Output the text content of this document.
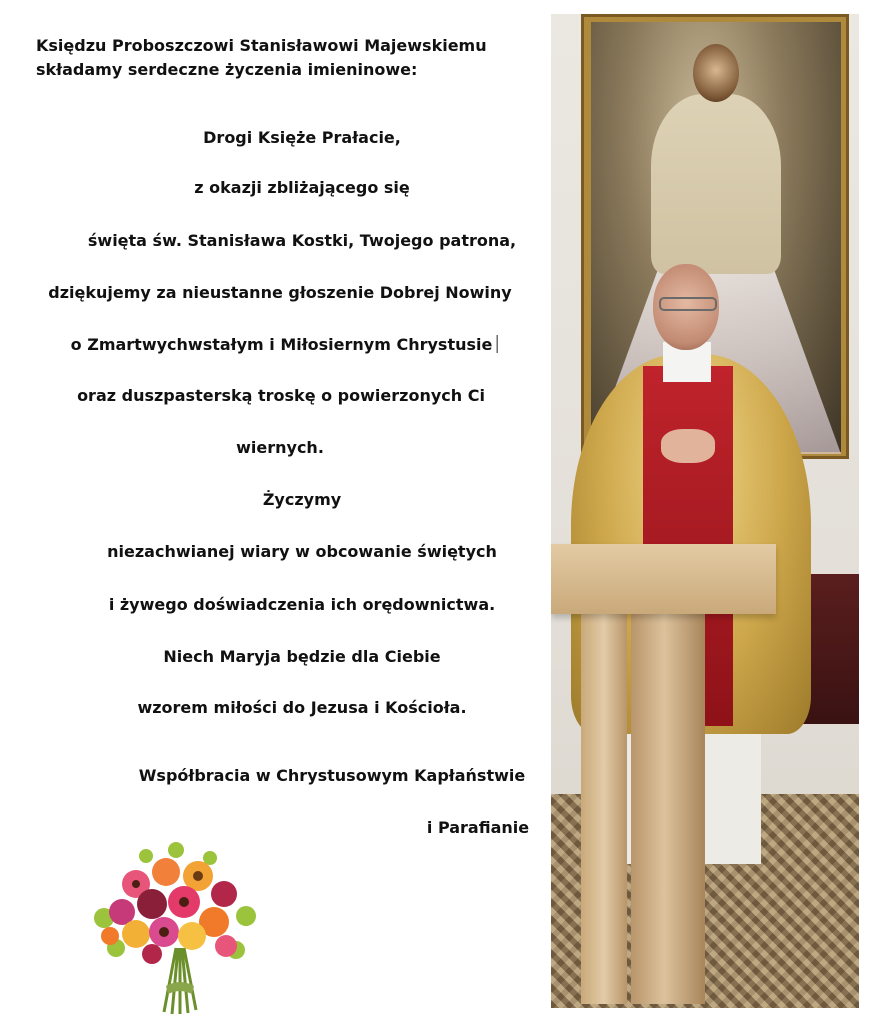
Księdzu Proboszczowi Stanisławowi Majewskiemu
składamy serdeczne życzenia imieninowe:
Drogi Księże Prałacie,
z okazji zbliżającego się
święta św. Stanisława Kostki, Twojego patrona,
dziękujemy za nieustanne głoszenie Dobrej Nowiny
o Zmartwychwstałym i Miłosiernym Chrystusie
oraz duszpasterską troskę o powierzonych Ci
wiernych.
Życzymy
niezachwianej wiary w obcowanie świętych
i żywego doświadczenia ich orędownictwa.
Niech Maryja będzie dla Ciebie
wzorem miłości do Jezusa i Kościoła.
Współbracia w Chrystusowym Kapłaństwie
i Parafianie
